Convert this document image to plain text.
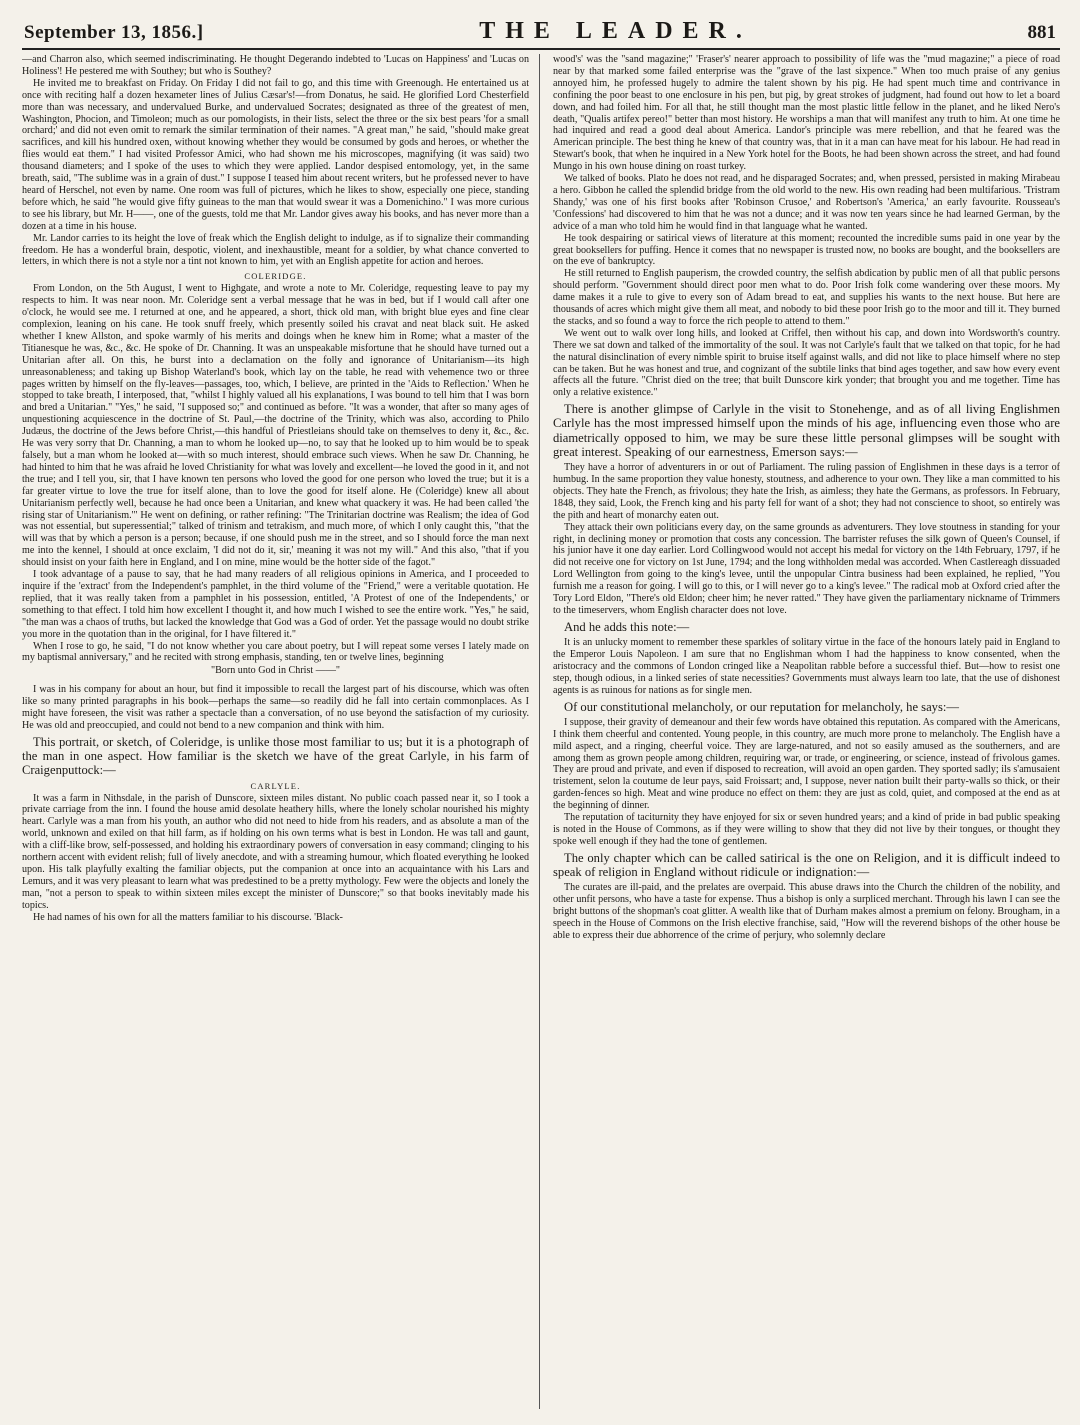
September 13, 1856.]	THE LEADER.	881

—and Charron also, which seemed indiscriminating. He thought Degerando indebted to 'Lucas on Happiness' and 'Lucas on Holiness'! He pestered me with Southey; but who is Southey?

He invited me to breakfast on Friday. On Friday I did not fail to go, and this time with Greenough. He entertained us at once with reciting half a dozen hexameter lines of Julius Cæsar's!—from Donatus, he said. He glorified Lord Chesterfield more than was necessary, and undervalued Burke, and undervalued Socrates; designated as three of the greatest of men, Washington, Phocion, and Timoleon; much as our pomologists, in their lists, select the three or the six best pears 'for a small orchard;' and did not even omit to remark the similar termination of their names. "A great man," he said, "should make great sacrifices, and kill his hundred oxen, without knowing whether they would be consumed by gods and heroes, or whether the flies would eat them." I had visited Professor Amici, who had shown me his microscopes, magnifying (it was said) two thousand diameters; and I spoke of the uses to which they were applied. Landor despised entomology, yet, in the same breath, said, "The sublime was in a grain of dust." I suppose I teased him about recent writers, but he professed never to have heard of Herschel, not even by name. One room was full of pictures, which he likes to show, especially one piece, standing before which, he said "he would give fifty guineas to the man that would swear it was a Domenichino." I was more curious to see his library, but Mr. H——, one of the guests, told me that Mr. Landor gives away his books, and has never more than a dozen at a time in his house.

Mr. Landor carries to its height the love of freak which the English delight to indulge, as if to signalize their commanding freedom. He has a wonderful brain, despotic, violent, and inexhaustible, meant for a soldier, by what chance converted to letters, in which there is not a style nor a tint not known to him, yet with an English appetite for action and heroes.

COLERIDGE.

From London, on the 5th August, I went to Highgate, and wrote a note to Mr. Coleridge, requesting leave to pay my respects to him. It was near noon. Mr. Coleridge sent a verbal message that he was in bed, but if I would call after one o'clock, he would see me. I returned at one, and he appeared, a short, thick old man, with bright blue eyes and fine clear complexion, leaning on his cane. He took snuff freely, which presently soiled his cravat and neat black suit. He asked whether I knew Allston, and spoke warmly of his merits and doings when he knew him in Rome; what a master of the Titianesque he was, &c., &c. He spoke of Dr. Channing. It was an unspeakable misfortune that he should have turned out a Unitarian after all. On this, he burst into a declamation on the folly and ignorance of Unitarianism—its high unreasonableness; and taking up Bishop Waterland's book, which lay on the table, he read with vehemence two or three pages written by himself on the fly-leaves—passages, too, which, I believe, are printed in the 'Aids to Reflection.' When he stopped to take breath, I interposed, that, "whilst I highly valued all his explanations, I was bound to tell him that I was born and bred a Unitarian." "Yes," he said, "I supposed so;" and continued as before. "It was a wonder, that after so many ages of unquestioning acquiescence in the doctrine of St. Paul,—the doctrine of the Trinity, which was also, according to Philo Judæus, the doctrine of the Jews before Christ,—this handful of Priestleians should take on themselves to deny it, &c., &c. He was very sorry that Dr. Channing, a man to whom he looked up—no, to say that he looked up to him would be to speak falsely, but a man whom he looked at—with so much interest, should embrace such views. When he saw Dr. Channing, he had hinted to him that he was afraid he loved Christianity for what was lovely and excellent—he loved the good in it, and not the true; and I tell you, sir, that I have known ten persons who loved the good for one person who loved the true; but it is a far greater virtue to love the true for itself alone, than to love the good for itself alone. He (Coleridge) knew all about Unitarianism perfectly well, because he had once been a Unitarian, and knew what quackery it was. He had been called 'the rising star of Unitarianism.'" He went on defining, or rather refining: "The Trinitarian doctrine was Realism; the idea of God was not essential, but superessential;" talked of trinism and tetrakism, and much more, of which I only caught this, "that the will was that by which a person is a person; because, if one should push me in the street, and so I should force the man next me into the kennel, I should at once exclaim, 'I did not do it, sir,' meaning it was not my will." And this also, "that if you should insist on your faith here in England, and I on mine, mine would be the hotter side of the fagot."

I took advantage of a pause to say, that he had many readers of all religious opinions in America, and I proceeded to inquire if the 'extract' from the Independent's pamphlet, in the third volume of the "Friend," were a veritable quotation. He replied, that it was really taken from a pamphlet in his possession, entitled, 'A Protest of one of the Independents,' or something to that effect. I told him how excellent I thought it, and how much I wished to see the entire work. "Yes," he said, "the man was a chaos of truths, but lacked the knowledge that God was a God of order. Yet the passage would no doubt strike you more in the quotation than in the original, for I have filtered it."

When I rose to go, he said, "I do not know whether you care about poetry, but I will repeat some verses I lately made on my baptismal anniversary," and he recited with strong emphasis, standing, ten or twelve lines, beginning

"Born unto God in Christ ——"

I was in his company for about an hour, but find it impossible to recall the largest part of his discourse, which was often like so many printed paragraphs in his book—perhaps the same—so readily did he fall into certain commonplaces. As I might have foreseen, the visit was rather a spectacle than a conversation, of no use beyond the satisfaction of my curiosity. He was old and preoccupied, and could not bend to a new companion and think with him.

This portrait, or sketch, of Coleridge, is unlike those most familiar to us; but it is a photograph of the man in one aspect. How familiar is the sketch we have of the great Carlyle, in his farm of Craigenputtock:—

CARLYLE.

It was a farm in Nithsdale, in the parish of Dunscore, sixteen miles distant. No public coach passed near it, so I took a private carriage from the inn. I found the house amid desolate heathery hills, where the lonely scholar nourished his mighty heart. Carlyle was a man from his youth, an author who did not need to hide from his readers, and as absolute a man of the world, unknown and exiled on that hill farm, as if holding on his own terms what is best in London. He was tall and gaunt, with a cliff-like brow, self-possessed, and holding his extraordinary powers of conversation in easy command; clinging to his northern accent with evident relish; full of lively anecdote, and with a streaming humour, which floated everything he looked upon. His talk playfully exalting the familiar objects, put the companion at once into an acquaintance with his Lars and Lemurs, and it was very pleasant to learn what was predestined to be a pretty mythology. Few were the objects and lonely the man, "not a person to speak to within sixteen miles except the minister of Dunscore;" so that books inevitably made his topics.

He had names of his own for all the matters familiar to his discourse. 'Black-

wood's' was the "sand magazine;" 'Fraser's' nearer approach to possibility of life was the "mud magazine;" a piece of road near by that marked some failed enterprise was the "grave of the last sixpence." When too much praise of any genius annoyed him, he professed hugely to admire the talent shown by his pig. He had spent much time and contrivance in confining the poor beast to one enclosure in his pen, but pig, by great strokes of judgment, had found out how to let a board down, and had foiled him. For all that, he still thought man the most plastic little fellow in the planet, and he liked Nero's death, "Qualis artifex pereo!" better than most history. He worships a man that will manifest any truth to him. At one time he had inquired and read a good deal about America. Landor's principle was mere rebellion, and that he feared was the American principle. The best thing he knew of that country was, that in it a man can have meat for his labour. He had read in Stewart's book, that when he inquired in a New York hotel for the Boots, he had been shown across the street, and had found Mungo in his own house dining on roast turkey.

We talked of books. Plato he does not read, and he disparaged Socrates; and, when pressed, persisted in making Mirabeau a hero. Gibbon he called the splendid bridge from the old world to the new. His own reading had been multifarious. 'Tristram Shandy,' was one of his first books after 'Robinson Crusoe,' and Robertson's 'America,' an early favourite. Rousseau's 'Confessions' had discovered to him that he was not a dunce; and it was now ten years since he had learned German, by the advice of a man who told him he would find in that language what he wanted.

He took despairing or satirical views of literature at this moment; recounted the incredible sums paid in one year by the great booksellers for puffing. Hence it comes that no newspaper is trusted now, no books are bought, and the booksellers are on the eve of bankruptcy.

He still returned to English pauperism, the crowded country, the selfish abdication by public men of all that public persons should perform. "Government should direct poor men what to do. Poor Irish folk come wandering over these moors. My dame makes it a rule to give to every son of Adam bread to eat, and supplies his wants to the next house. But here are thousands of acres which might give them all meat, and nobody to bid these poor Irish go to the moor and till it. They burned the stacks, and so found a way to force the rich people to attend to them."

We went out to walk over long hills, and looked at Criffel, then without his cap, and down into Wordsworth's country. There we sat down and talked of the immortality of the soul. It was not Carlyle's fault that we talked on that topic, for he had the natural disinclination of every nimble spirit to bruise itself against walls, and did not like to place himself where no step can be taken. But he was honest and true, and cognizant of the subtile links that bind ages together, and saw how every event affects all the future. "Christ died on the tree; that built Dunscore kirk yonder; that brought you and me together. Time has only a relative existence."

There is another glimpse of Carlyle in the visit to Stonehenge, and as of all living Englishmen Carlyle has the most impressed himself upon the minds of his age, influencing even those who are diametrically opposed to him, we may be sure these little personal glimpses will be sought with great interest. Speaking of our earnestness, Emerson says:—

They have a horror of adventurers in or out of Parliament. The ruling passion of Englishmen in these days is a terror of humbug. In the same proportion they value honesty, stoutness, and adherence to your own. They like a man committed to his objects. They hate the French, as frivolous; they hate the Irish, as aimless; they hate the Germans, as professors. In February, 1848, they said, Look, the French king and his party fell for want of a shot; they had not conscience to shoot, so entirely was the pith and heart of monarchy eaten out.

They attack their own politicians every day, on the same grounds as adventurers. They love stoutness in standing for your right, in declining money or promotion that costs any concession. The barrister refuses the silk gown of Queen's Counsel, if his junior have it one day earlier. Lord Collingwood would not accept his medal for victory on the 14th February, 1797, if he did not receive one for victory on 1st June, 1794; and the long withholden medal was accorded. When Castlereagh dissuaded Lord Wellington from going to the king's levee, until the unpopular Cintra business had been explained, he replied, "You furnish me a reason for going. I will go to this, or I will never go to a king's levee." The radical mob at Oxford cried after the Tory Lord Eldon, "There's old Eldon; cheer him; he never ratted." They have given the parliamentary nickname of Trimmers to the timeservers, whom English character does not love.

And he adds this note:—

It is an unlucky moment to remember these sparkles of solitary virtue in the face of the honours lately paid in England to the Emperor Louis Napoleon. I am sure that no Englishman whom I had the happiness to know consented, when the aristocracy and the commons of London cringed like a Neapolitan rabble before a successful thief. But—how to resist one step, though odious, in a linked series of state necessities? Governments must always learn too late, that the use of dishonest agents is as ruinous for nations as for single men.

Of our constitutional melancholy, or our reputation for melancholy, he says:—

I suppose, their gravity of demeanour and their few words have obtained this reputation. As compared with the Americans, I think them cheerful and contented. Young people, in this country, are much more prone to melancholy. The English have a mild aspect, and a ringing, cheerful voice. They are large-natured, and not so easily amused as the southerners, and are among them as grown people among children, requiring war, or trade, or engineering, or science, instead of frivolous games. They are proud and private, and even if disposed to recreation, will avoid an open garden. They sported sadly; ils s'amusaient tristement, selon la coutume de leur pays, said Froissart; and, I suppose, never nation built their party-walls so thick, or their garden-fences so high. Meat and wine produce no effect on them: they are just as cold, quiet, and composed at the end as at the beginning of dinner.

The reputation of taciturnity they have enjoyed for six or seven hundred years; and a kind of pride in bad public speaking is noted in the House of Commons, as if they were willing to show that they did not live by their tongues, or thought they spoke well enough if they had the tone of gentlemen.

The only chapter which can be called satirical is the one on Religion, and it is difficult indeed to speak of religion in England without ridicule or indignation:—

The curates are ill-paid, and the prelates are overpaid. This abuse draws into the Church the children of the nobility, and other unfit persons, who have a taste for expense. Thus a bishop is only a surpliced merchant. Through his lawn I can see the bright buttons of the shopman's coat glitter. A wealth like that of Durham makes almost a premium on felony. Brougham, in a speech in the House of Commons on the Irish elective franchise, said, "How will the reverend bishops of the other house be able to express their due abhorrence of the crime of perjury, who solemnly declare
